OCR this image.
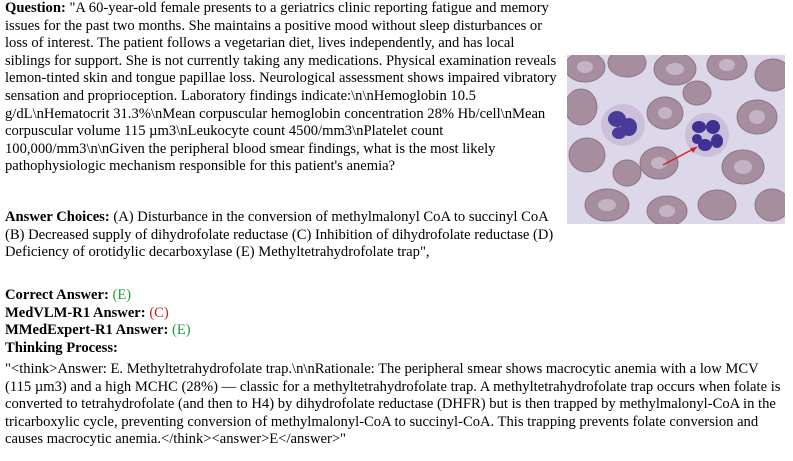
Question: "A 60-year-old female presents to a geriatrics clinic reporting fatigue and memory issues for the past two months. She maintains a positive mood without sleep disturbances or loss of interest. The patient follows a vegetarian diet, lives independently, and has local siblings for support. She is not currently taking any medications. Physical examination reveals lemon-tinted skin and tongue papillae loss. Neurological assessment shows impaired vibratory sensation and proprioception. Laboratory findings indicate:\n\nHemoglobin 10.5 g/dL\nHematocrit 31.3%\nMean corpuscular hemoglobin concentration 28% Hb/cell\nMean corpuscular volume 115 µm3\nLeukocyte count 4500/mm3\nPlatelet count 100,000/mm3\n\nGiven the peripheral blood smear findings, what is the most likely pathophysiologic mechanism responsible for this patient's anemia?
Answer Choices: (A) Disturbance in the conversion of methylmalonyl CoA to succinyl CoA (B) Decreased supply of dihydrofolate reductase (C) Inhibition of dihydrofolate reductase (D) Deficiency of orotidylic decarboxylase (E) Methyltetrahydrofolate trap",
Correct Answer: (E)
MedVLM-R1 Answer: (C)
MMedExpert-R1 Answer: (E)
Thinking Process:
"<think>Answer: E. Methyltetrahydrofolate trap.\n\nRationale: The peripheral smear shows macrocytic anemia with a low MCV (115 µm3) and a high MCHC (28%) — classic for a methyltetrahydrofolate trap. A methyltetrahydrofolate trap occurs when folate is converted to tetrahydrofolate (and then to H4) by dihydrofolate reductase (DHFR) but is then trapped by methylmalonyl-CoA in the tricarboxylic cycle, preventing conversion of methylmalonyl-CoA to succinyl-CoA. This trapping prevents folate conversion and causes macrocytic anemia.</think><answer>E</answer>"
